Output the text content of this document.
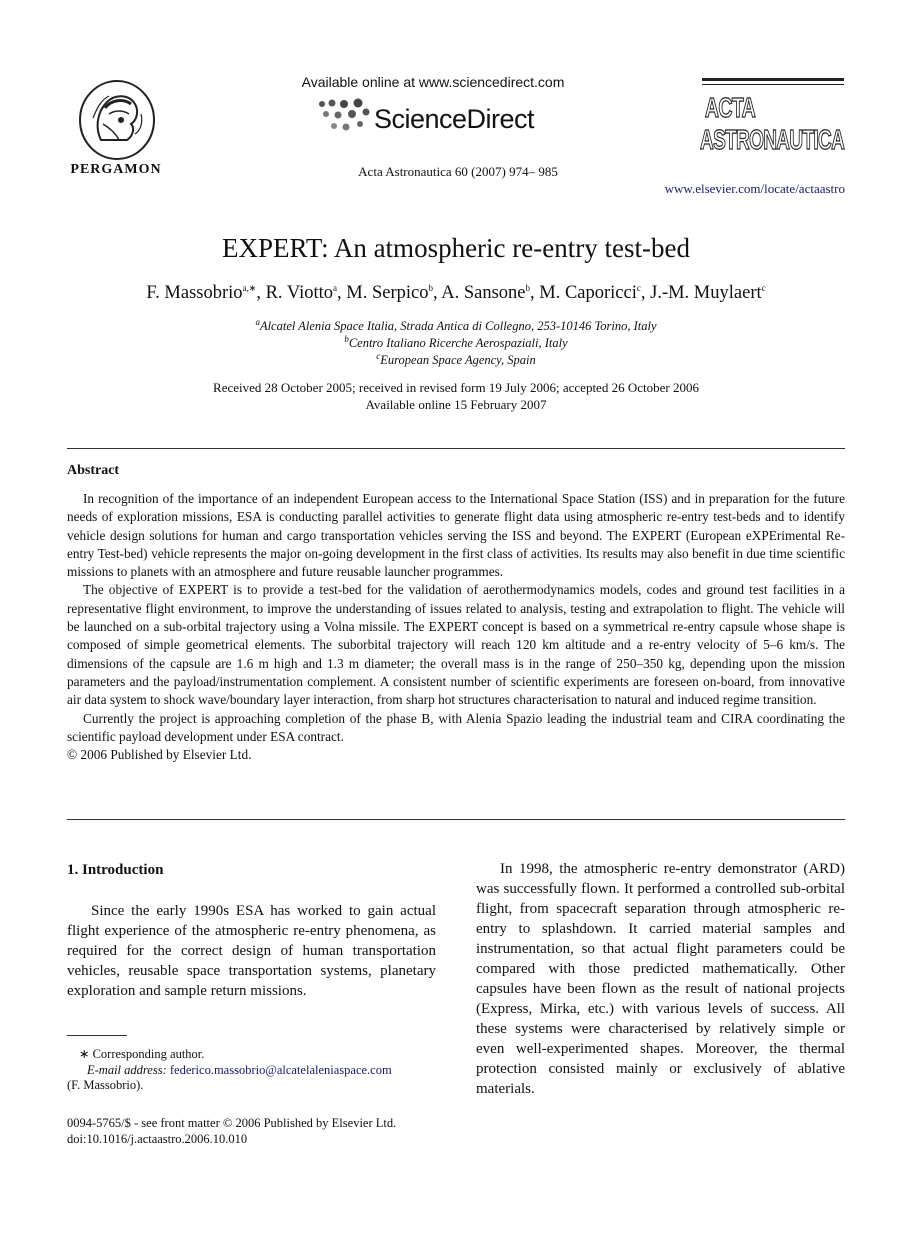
PERGAMON
Available online at www.sciencedirect.com
ScienceDirect
Acta Astronautica 60 (2007) 974– 985
ACTA
ASTRONAUTICA
www.elsevier.com/locate/actaastro
EXPERT: An atmospheric re-entry test-bed
F. Massobrio$^{a,∗}$, R. Viotto$^a$, M. Serpico$^b$, A. Sansone$^b$, M. Caporicci$^c$, J.-M. Muylaert$^c$
$^a$Alcatel Alenia Space Italia, Strada Antica di Collegno, 253-10146 Torino, Italy
$^b$Centro Italiano Ricerche Aerospaziali, Italy
$^c$European Space Agency, Spain
Received 28 October 2005; received in revised form 19 July 2006; accepted 26 October 2006
Available online 15 February 2007
Abstract

In recognition of the importance of an independent European access to the International Space Station (ISS) and in preparation for the future needs of exploration missions, ESA is conducting parallel activities to generate flight data using atmospheric re-entry test-beds and to identify vehicle design solutions for human and cargo transportation vehicles serving the ISS and beyond. The EXPERT (European eXPErimental Re-entry Test-bed) vehicle represents the major on-going development in the first class of activities. Its results may also benefit in due time scientific missions to planets with an atmosphere and future reusable launcher programmes.

The objective of EXPERT is to provide a test-bed for the validation of aerothermodynamics models, codes and ground test facilities in a representative flight environment, to improve the understanding of issues related to analysis, testing and extrapolation to flight. The vehicle will be launched on a sub-orbital trajectory using a Volna missile. The EXPERT concept is based on a symmetrical re-entry capsule whose shape is composed of simple geometrical elements. The suborbital trajectory will reach 120 km altitude and a re-entry velocity of 5–6 km/s. The dimensions of the capsule are 1.6 m high and 1.3 m diameter; the overall mass is in the range of 250–350 kg, depending upon the mission parameters and the payload/instrumentation complement. A consistent number of scientific experiments are foreseen on-board, from innovative air data system to shock wave/boundary layer interaction, from sharp hot structures characterisation to natural and induced regime transition.

Currently the project is approaching completion of the phase B, with Alenia Spazio leading the industrial team and CIRA coordinating the scientific payload development under ESA contract.

© 2006 Published by Elsevier Ltd.

1. Introduction

Since the early 1990s ESA has worked to gain actual flight experience of the atmospheric re-entry phenomena, as required for the correct design of human transportation vehicles, reusable space transportation systems, planetary exploration and sample return missions.

In 1998, the atmospheric re-entry demonstrator (ARD) was successfully flown. It performed a controlled sub-orbital flight, from spacecraft separation through atmospheric re-entry to splashdown. It carried material samples and instrumentation, so that actual flight parameters could be compared with those predicted mathematically. Other capsules have been flown as the result of national projects (Express, Mirka, etc.) with various levels of success. All these systems were characterised by relatively simple or even well-experimented shapes. Moreover, the thermal protection consisted mainly or exclusively of ablative materials.

∗ Corresponding author.
E-mail address: federico.massobrio@alcatelaleniaspace.com
(F. Massobrio).
0094-5765/$ - see front matter © 2006 Published by Elsevier Ltd.
doi:10.1016/j.actaastro.2006.10.010
